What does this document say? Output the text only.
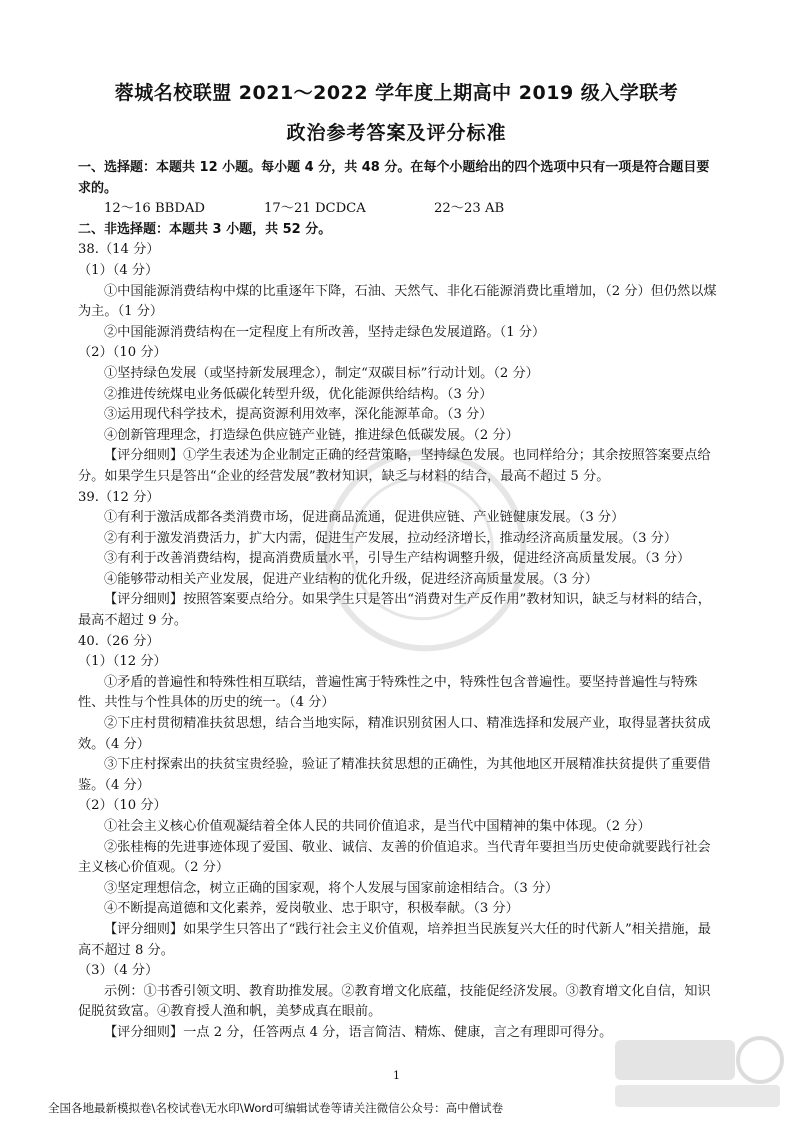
蓉城名校联盟 2021～2022 学年度上期高中 2019 级入学联考
政治参考答案及评分标准

一、选择题：本题共 12 小题。每小题 4 分，共 48 分。在每个小题给出的四个选项中只有一项是符合题目要求的。

12～16 BBDAD	17～21 DCDCA	22～23 AB

二、非选择题：本题共 3 小题，共 52 分。

38.（14 分）

（1）（4 分）

①中国能源消费结构中煤的比重逐年下降，石油、天然气、非化石能源消费比重增加，（2 分）但仍然以煤为主。（1 分）

②中国能源消费结构在一定程度上有所改善，坚持走绿色发展道路。（1 分）

（2）（10 分）

①坚持绿色发展（或坚持新发展理念），制定“双碳目标”行动计划。（2 分）

②推进传统煤电业务低碳化转型升级，优化能源供给结构。（3 分）

③运用现代科学技术，提高资源利用效率，深化能源革命。（3 分）

④创新管理理念，打造绿色供应链产业链，推进绿色低碳发展。（2 分）

【评分细则】①学生表述为企业制定正确的经营策略，坚持绿色发展。也同样给分；其余按照答案要点给分。如果学生只是答出“企业的经营发展”教材知识，缺乏与材料的结合，最高不超过 5 分。

39.（12 分）

①有利于激活成都各类消费市场，促进商品流通，促进供应链、产业链健康发展。（3 分）

②有利于激发消费活力，扩大内需，促进生产发展，拉动经济增长，推动经济高质量发展。（3 分）

③有利于改善消费结构，提高消费质量水平，引导生产结构调整升级，促进经济高质量发展。（3 分）

④能够带动相关产业发展，促进产业结构的优化升级，促进经济高质量发展。（3 分）

【评分细则】按照答案要点给分。如果学生只是答出“消费对生产反作用”教材知识，缺乏与材料的结合，最高不超过 9 分。

40.（26 分）

（1）（12 分）

①矛盾的普遍性和特殊性相互联结，普遍性寓于特殊性之中，特殊性包含普遍性。要坚持普遍性与特殊性、共性与个性具体的历史的统一。（4 分）

②下庄村贯彻精准扶贫思想，结合当地实际，精准识别贫困人口、精准选择和发展产业，取得显著扶贫成效。（4 分）

③下庄村探索出的扶贫宝贵经验，验证了精准扶贫思想的正确性，为其他地区开展精准扶贫提供了重要借鉴。（4 分）

（2）（10 分）

①社会主义核心价值观凝结着全体人民的共同价值追求，是当代中国精神的集中体现。（2 分）

②张桂梅的先进事迹体现了爱国、敬业、诚信、友善的价值追求。当代青年要担当历史使命就要践行社会主义核心价值观。（2 分）

③坚定理想信念，树立正确的国家观，将个人发展与国家前途相结合。（3 分）

④不断提高道德和文化素养，爱岗敬业、忠于职守，积极奉献。（3 分）

【评分细则】如果学生只答出了“践行社会主义价值观，培养担当民族复兴大任的时代新人”相关措施，最高不超过 8 分。

（3）（4 分）

示例：①书香引领文明、教育助推发展。②教育增文化底蕴，技能促经济发展。③教育增文化自信，知识促脱贫致富。④教育授人渔和帆，美梦成真在眼前。

【评分细则】一点 2 分，任答两点 4 分，语言简洁、精炼、健康，言之有理即可得分。

1
全国各地最新模拟卷\名校试卷\无水印\Word可编辑试卷等请关注微信公众号：高中僧试卷
